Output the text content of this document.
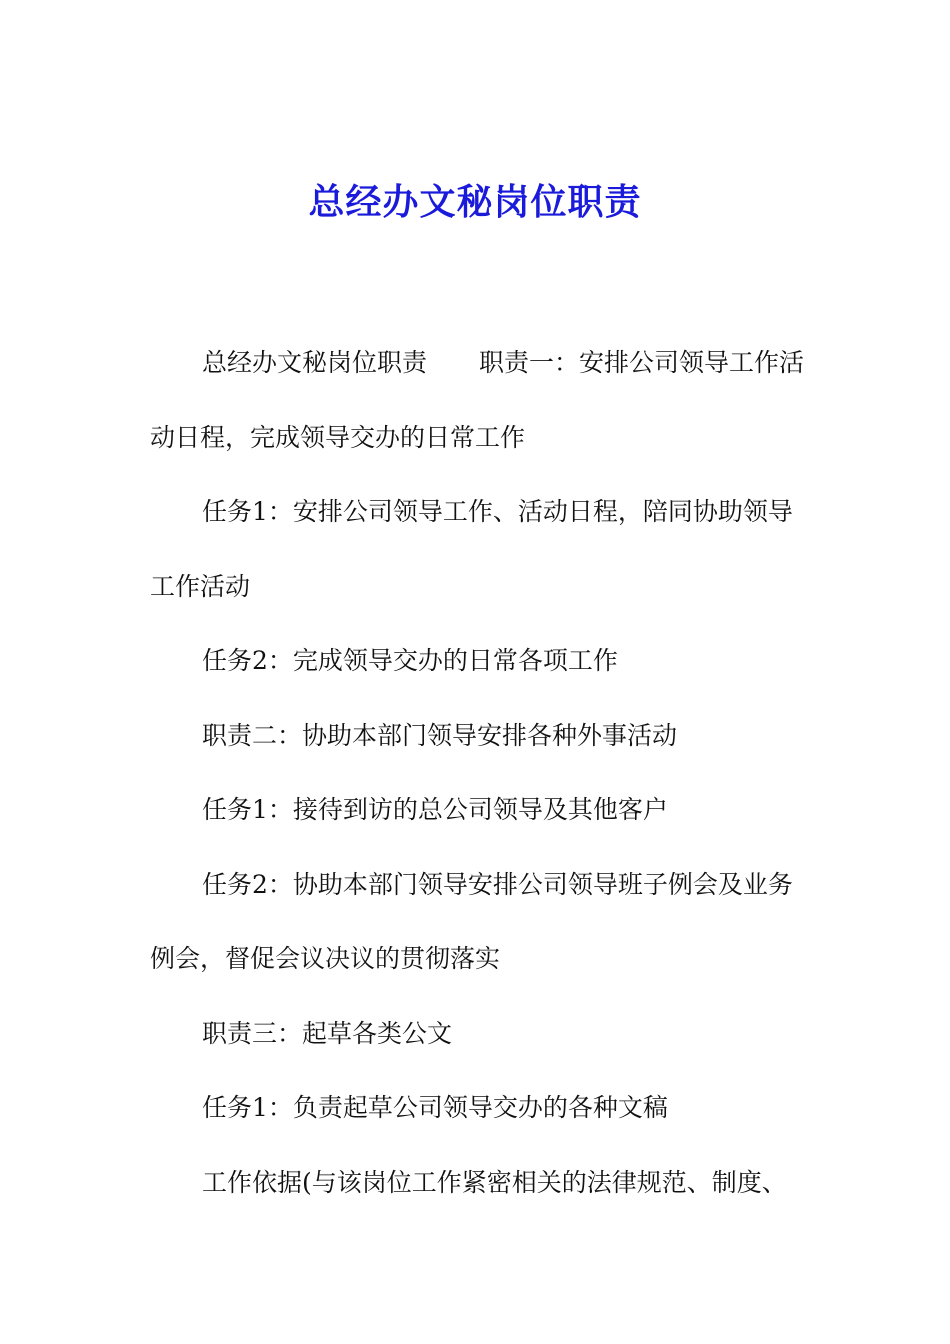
总经办文秘岗位职责

总经办文秘岗位职责 职责一：安排公司领导工作活动日程，完成领导交办的日常工作

任务1：安排公司领导工作、活动日程，陪同协助领导工作活动

任务2：完成领导交办的日常各项工作

职责二：协助本部门领导安排各种外事活动

任务1：接待到访的总公司领导及其他客户

任务2：协助本部门领导安排公司领导班子例会及业务例会，督促会议决议的贯彻落实

职责三：起草各类公文

任务1：负责起草公司领导交办的各种文稿

工作依据(与该岗位工作紧密相关的法律规范、制度、
